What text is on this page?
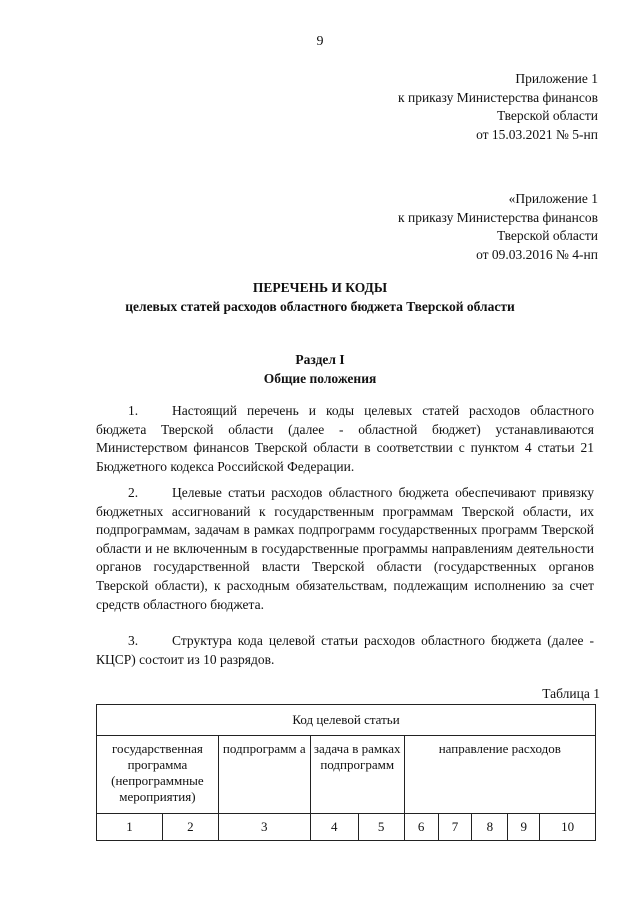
9
Приложение 1
к приказу Министерства финансов
Тверской области
от 15.03.2021 № 5-нп
«Приложение 1
к приказу Министерства финансов
Тверской области
от 09.03.2016 № 4-нп
ПЕРЕЧЕНЬ И КОДЫ
целевых статей расходов областного бюджета Тверской области
Раздел I
Общие положения
1.	Настоящий перечень и коды целевых статей расходов областного бюджета Тверской области (далее - областной бюджет) устанавливаются Министерством финансов Тверской области в соответствии с пунктом 4 статьи 21 Бюджетного кодекса Российской Федерации.
2.	Целевые статьи расходов областного бюджета обеспечивают привязку бюджетных ассигнований к государственным программам Тверской области, их подпрограммам, задачам в рамках подпрограмм государственных программ Тверской области и не включенным в государственные программы направлениям деятельности органов государственной власти Тверской области (государственных органов Тверской области), к расходным обязательствам, подлежащим исполнению за счет средств областного бюджета.
3.	Структура кода целевой статьи расходов областного бюджета (далее - КЦСР) состоит из 10 разрядов.
Таблица 1
Код целевой статьи									
государственная программа (непрограммные мероприятия)		подпрограмм а	задача в рамках подпрограмм		направление расходов				
1	2	3	4	5	6	7	8	9	10
